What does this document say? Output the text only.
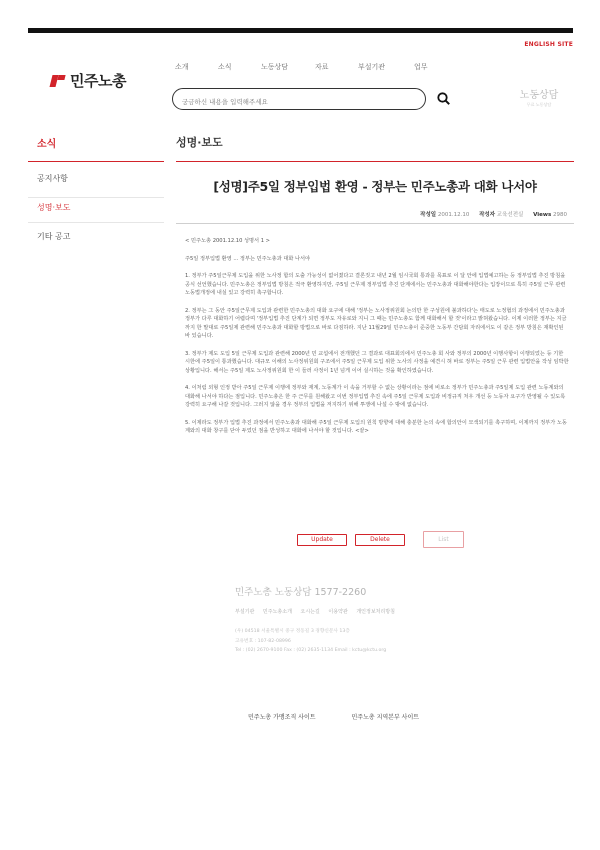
ENGLISH SITE
민주노총
소개	소식	노동상담	자료	부설기관	업무
궁금하신 내용을 입력해주세요
노동상담
무료 노동상담
소식
공지사항
성명·보도
기타 공고
성명·보도
[성명]주5일 정부입법 환영 - 정부는 민주노총과 대화 나서야
작성일 2001.12.10 작성자 교육선전실 Views 2980

< 민주노총 2001.12.10 성명서 1 >

주5일 정부입법 환영 ... 정부는 민주노총과 대화 나서야

1. 정부가 주5일근무제 도입을 위한 노사정 합의 도출 가능성이 없어졌다고 결론짓고 내년 2월 임시국회 통과를 목표로 이 달 안에 입법예고하는 등 정부입법 추진 방침을 공식 선언했습니다. 민주노총은 정부입법 방침은 적극 환영하지만, 주5일 근무제 정부입법 추진 단계에서는 민주노총과 대화해야한다는 입장이므로 특히 주5일 근무 관련 노동법개정에 내실 있고 강력히 촉구합니다.

2. 정부는 그 동안 주5일근무제 도입과 관련한 민주노총의 대화 요구에 대해 '정부는 노사정위원회 논의만 한 구성원에 불과하다'는 태도로 노정협의 과정에서 민주노총과 정부가 다루 대화하기 어렵다며 '정부입법 추진 단계가 되면 정부도 자유로와 지니 그 때는 민주노총도 함께 대화해서 할 것'이라고 밝혀왔습니다. 이제 이러한 정부는 지금까지 한 말대로 주5일제 관련해 민주노총과 대화할 방법으로 바로 다짐하라. 지난 11월29일 민주노총이 준중한 노동부 간담회 자리에서도 이 같은 정부 방침은 재확인된 바 있습니다.

3. 정부가 제도 도입 5일 근무제 도입과 관련해 2000년 민 교섭에서 전개했던 그 결과로 대표회의에서 민주노총 회 사와 정부의 2000년 이행사항이 이행되었는 등 기한 시한에 주5일이 통과했습니다. 대규모 이해의 노사정위원회 구조에서 주5일 근무제 도입 위한 노사의 사정을 예견시 혀 바로 정부는 주5일 근무 관련 입법안을 작성 임박한 상황입니다. 해서는 주5일 제도 노사정위원회 한 이 들러 사정이 1년 넘게 이어 실시하는 것을 확인하였습니다.

4. 이처럼 외형 인정 받아 주5일 근무제 이행에 정부와 재계, 노동계가 이 속을 거부할 수 없는 상황이라는 점에 비로소 정부가 민주노총과 주5일제 도입 관련 노동계와의 대화해 나서야 하다는 점입니다. 민주노총은 한 주 근무를 원해왔고 이번 정부입법 추진 속에 주5일 근무제 도입과 비정규직 처우 개선 등 노동자 요구가 반영될 수 있도록 강력히 요구해 나갈 것입니다. 그러지 않을 경우 정부의 입법을 저지하기 위해 투쟁에 나설 수 밖에 없습니다.

5. 이제라도 정부가 입법 추진 과정에서 민주노총과 대화해 주5일 근무제 도입의 원칙 방향에 대해 충분한 논의 속에 합의안이 모색되기를 촉구하며, 이제까지 정부가 노동계와의 대화 창구를 닫아 두었던 점을 반성하고 대화에 나서야 할 것입니다. <끝>

Update	Delete	List
민주노총 노동상담 1577-2260
부설기관 민주노총소개 오시는길 이용약관 개인정보처리방침
(우) 04518 서울특별시 중구 정동길 3 경향신문사 13층
고유번호 : 107-82-08996
Tel : (02) 2670-9100 Fax : (02) 2635-1134 Email : kctu@kctu.org
민주노총 가맹조직 사이트	민주노총 지역본부 사이트
